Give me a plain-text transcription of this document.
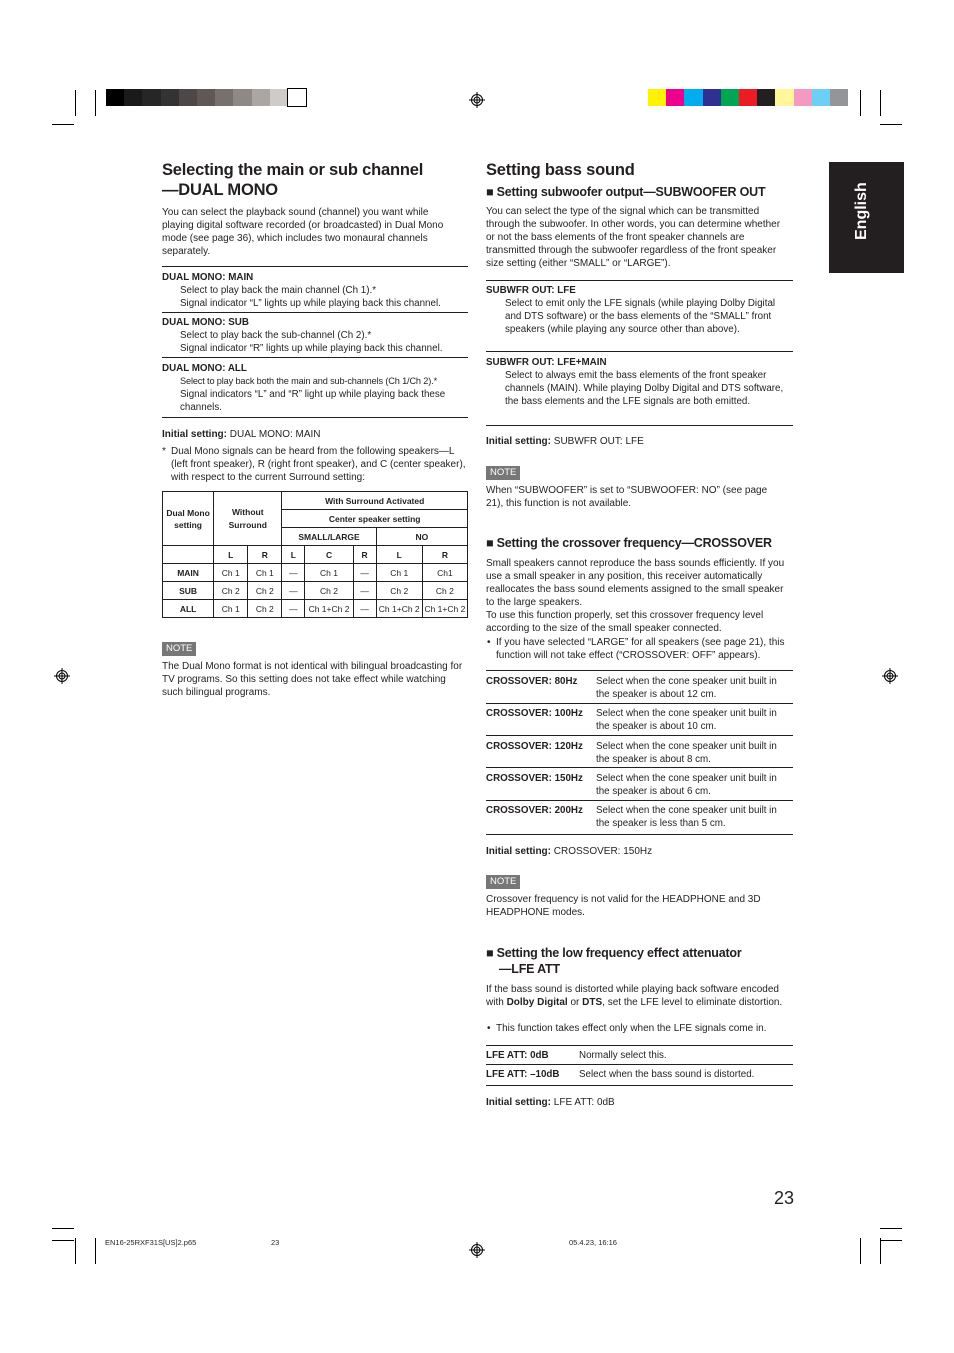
English
Selecting the main or sub channel
—DUAL MONO
You can select the playback sound (channel) you want while playing digital software recorded (or broadcasted) in Dual Mono mode (see page 36), which includes two monaural channels separately.
DUAL MONO: MAIN
Select to play back the main channel (Ch 1).*
Signal indicator “L” lights up while playing back this channel.
DUAL MONO: SUB
Select to play back the sub-channel (Ch 2).*
Signal indicator “R” lights up while playing back this channel.
DUAL MONO: ALL
Select to play back both the main and sub-channels (Ch 1/Ch 2).*
Signal indicators “L” and “R” light up while playing back these channels.
Initial setting: DUAL MONO: MAIN
* Dual Mono signals can be heard from the following speakers—L (left front speaker), R (right front speaker), and C (center speaker), with respect to the current Surround setting:
Dual Mono setting	Without Surround		With Surround Activated				
			Center speaker setting				
			SMALL/LARGE			NO	
	L	R	L	C	R	L	R
MAIN	Ch 1	Ch 1	—	Ch 1	—	Ch 1	Ch1
SUB	Ch 2	Ch 2	—	Ch 2	—	Ch 2	Ch 2
ALL	Ch 1	Ch 2	—	Ch 1+Ch 2	—	Ch 1+Ch 2	Ch 1+Ch 2
NOTE
The Dual Mono format is not identical with bilingual broadcasting for TV programs. So this setting does not take effect while watching such bilingual programs.
Setting bass sound
■ Setting subwoofer output—SUBWOOFER OUT
You can select the type of the signal which can be transmitted through the subwoofer. In other words, you can determine whether or not the bass elements of the front speaker channels are transmitted through the subwoofer regardless of the front speaker size setting (either “SMALL” or “LARGE”).
SUBWFR OUT: LFE
Select to emit only the LFE signals (while playing Dolby Digital and DTS software) or the bass elements of the “SMALL” front speakers (while playing any source other than above).
SUBWFR OUT: LFE+MAIN
Select to always emit the bass elements of the front speaker channels (MAIN). While playing Dolby Digital and DTS software, the bass elements and the LFE signals are both emitted.
Initial setting: SUBWFR OUT: LFE
NOTE
When “SUBWOOFER” is set to “SUBWOOFER: NO” (see page 21), this function is not available.
■ Setting the crossover frequency—CROSSOVER
Small speakers cannot reproduce the bass sounds efficiently. If you use a small speaker in any position, this receiver automatically reallocates the bass sound elements assigned to the small speaker to the large speakers.
To use this function properly, set this crossover frequency level according to the size of the small speaker connected.
• If you have selected “LARGE” for all speakers (see page 21), this function will not take effect (“CROSSOVER: OFF” appears).
CROSSOVER: 80Hz Select when the cone speaker unit built in the speaker is about 12 cm.
CROSSOVER: 100Hz Select when the cone speaker unit built in the speaker is about 10 cm.
CROSSOVER: 120Hz Select when the cone speaker unit built in the speaker is about 8 cm.
CROSSOVER: 150Hz Select when the cone speaker unit built in the speaker is about 6 cm.
CROSSOVER: 200Hz Select when the cone speaker unit built in the speaker is less than 5 cm.
Initial setting: CROSSOVER: 150Hz
NOTE
Crossover frequency is not valid for the HEADPHONE and 3D HEADPHONE modes.
■ Setting the low frequency effect attenuator
—LFE ATT
If the bass sound is distorted while playing back software encoded with Dolby Digital or DTS, set the LFE level to eliminate distortion.
• This function takes effect only when the LFE signals come in.
LFE ATT: 0dB	Normally select this.
LFE ATT: –10dB Select when the bass sound is distorted.
Initial setting: LFE ATT: 0dB
23
EN16-25RXF31S[US]2.p65	23	05.4.23, 16:16
